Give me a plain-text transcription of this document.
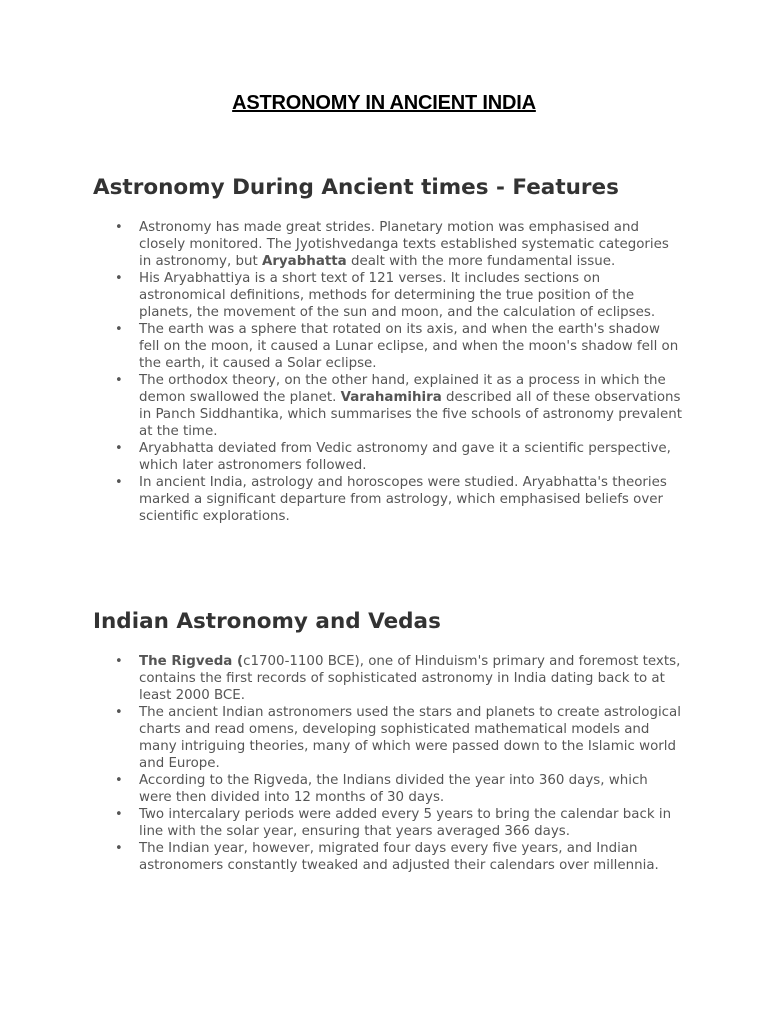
ASTRONOMY IN ANCIENT INDIA
Astronomy During Ancient times - Features
• Astronomy has made great strides. Planetary motion was emphasised and closely monitored. The Jyotishvedanga texts established systematic categories in astronomy, but Aryabhatta dealt with the more fundamental issue.
• His Aryabhattiya is a short text of 121 verses. It includes sections on astronomical definitions, methods for determining the true position of the planets, the movement of the sun and moon, and the calculation of eclipses.
• The earth was a sphere that rotated on its axis, and when the earth's shadow fell on the moon, it caused a Lunar eclipse, and when the moon's shadow fell on the earth, it caused a Solar eclipse.
• The orthodox theory, on the other hand, explained it as a process in which the demon swallowed the planet. Varahamihira described all of these observations in Panch Siddhantika, which summarises the five schools of astronomy prevalent at the time.
• Aryabhatta deviated from Vedic astronomy and gave it a scientific perspective, which later astronomers followed.
• In ancient India, astrology and horoscopes were studied. Aryabhatta's theories marked a significant departure from astrology, which emphasised beliefs over scientific explorations.
Indian Astronomy and Vedas
• The Rigveda (c1700-1100 BCE), one of Hinduism's primary and foremost texts, contains the first records of sophisticated astronomy in India dating back to at least 2000 BCE.
• The ancient Indian astronomers used the stars and planets to create astrological charts and read omens, developing sophisticated mathematical models and many intriguing theories, many of which were passed down to the Islamic world and Europe.
• According to the Rigveda, the Indians divided the year into 360 days, which were then divided into 12 months of 30 days.
• Two intercalary periods were added every 5 years to bring the calendar back in line with the solar year, ensuring that years averaged 366 days.
• The Indian year, however, migrated four days every five years, and Indian astronomers constantly tweaked and adjusted their calendars over millennia.
